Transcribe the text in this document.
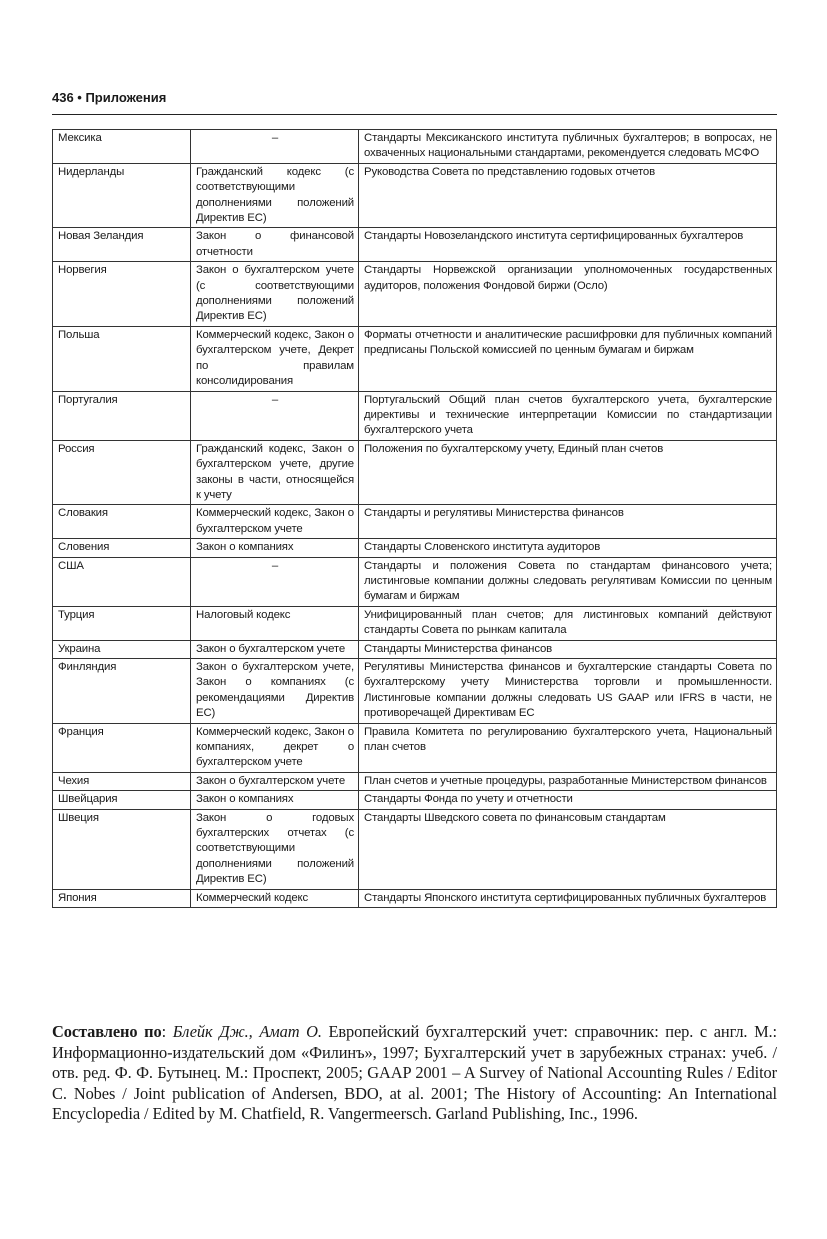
436 • Приложения
Мексика	–	Стандарты Мексиканского института публичных бухгалтеров; в вопросах, не охваченных национальными стандартами, рекомендуется следовать МСФО
Нидерланды	Гражданский кодекс (с соответствующими дополнениями положений Директив ЕС)	Руководства Совета по представлению годовых отчетов
Новая Зеландия	Закон о финансовой отчетности	Стандарты Новозеландского института сертифицированных бухгалтеров
Норвегия	Закон о бухгалтерском учете (с соответствующими дополнениями положений Директив ЕС)	Стандарты Норвежской организации уполномоченных государственных аудиторов, положения Фондовой биржи (Осло)
Польша	Коммерческий кодекс, Закон о бухгалтерском учете, Декрет по правилам консолидирования	Форматы отчетности и аналитические расшифровки для публичных компаний предписаны Польской комиссией по ценным бумагам и биржам
Португалия	–	Португальский Общий план счетов бухгалтерского учета, бухгалтерские директивы и технические интерпретации Комиссии по стандартизации бухгалтерского учета
Россия	Гражданский кодекс, Закон о бухгалтерском учете, другие законы в части, относящейся к учету	Положения по бухгалтерскому учету, Единый план счетов
Словакия	Коммерческий кодекс, Закон о бухгалтерском учете	Стандарты и регулятивы Министерства финансов
Словения	Закон о компаниях	Стандарты Словенского института аудиторов
США	–	Стандарты и положения Совета по стандартам финансового учета; листинговые компании должны следовать регулятивам Комиссии по ценным бумагам и биржам
Турция	Налоговый кодекс	Унифицированный план счетов; для листинговых компаний действуют стандарты Совета по рынкам капитала
Украина	Закон о бухгалтерском учете	Стандарты Министерства финансов
Финляндия	Закон о бухгалтерском учете, Закон о компаниях (с рекомендациями Директив ЕС)	Регулятивы Министерства финансов и бухгалтерские стандарты Совета по бухгалтерскому учету Министерства торговли и промышленности. Листинговые компании должны следовать US GAAP или IFRS в части, не противоречащей Директивам ЕС
Франция	Коммерческий кодекс, Закон о компаниях, декрет о бухгалтерском учете	Правила Комитета по регулированию бухгалтерского учета, Национальный план счетов
Чехия	Закон о бухгалтерском учете	План счетов и учетные процедуры, разработанные Министерством финансов
Швейцария	Закон о компаниях	Стандарты Фонда по учету и отчетности
Швеция	Закон о годовых бухгалтерских отчетах (с соответствующими дополнениями положений Директив ЕС)	Стандарты Шведского совета по финансовым стандартам
Япония	Коммерческий кодекс	Стандарты Японского института сертифицированных публичных бухгалтеров
Составлено по: Блейк Дж., Амат О. Европейский бухгалтерский учет: справочник: пер. с англ. М.: Информационно-издательский дом «Филинъ», 1997; Бухгалтерский учет в зарубежных странах: учеб. / отв. ред. Ф. Ф. Бутынец. М.: Проспект, 2005; GAAP 2001 – A Survey of National Accounting Rules / Editor C. Nobes / Joint publication of Andersen, BDO, at al. 2001; The History of Accounting: An International Encyclopedia / Edited by M. Chatfield, R. Vangermeersch. Garland Publishing, Inc., 1996.
